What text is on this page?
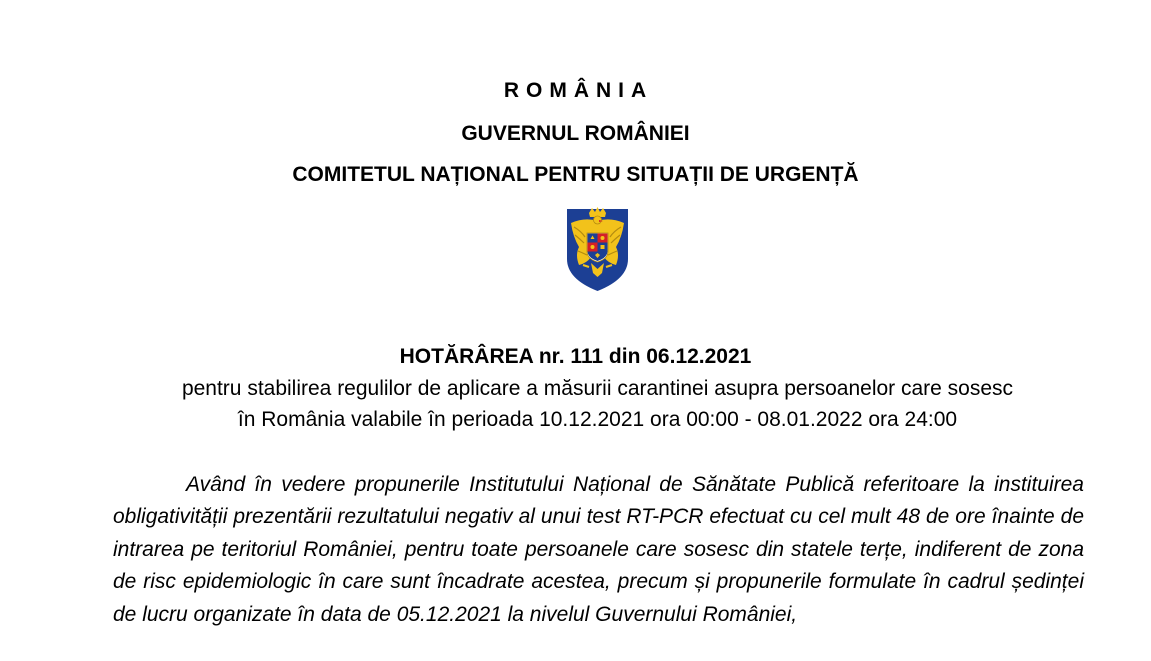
ROMÂNIA
GUVERNUL ROMÂNIEI
COMITETUL NAȚIONAL PENTRU SITUAȚII DE URGENȚĂ
HOTĂRÂREA nr. 111 din 06.12.2021
pentru stabilirea regulilor de aplicare a măsurii carantinei asupra persoanelor care sosesc
în România valabile în perioada 10.12.2021 ora 00:00 - 08.01.2022 ora 24:00

Având în vedere propunerile Institutului Național de Sănătate Publică referitoare la instituirea obligativității prezentării rezultatului negativ al unui test RT-PCR efectuat cu cel mult 48 de ore înainte de intrarea pe teritoriul României, pentru toate persoanele care sosesc din statele terțe, indiferent de zona de risc epidemiologic în care sunt încadrate acestea, precum și propunerile formulate în cadrul ședinței de lucru organizate în data de 05.12.2021 la nivelul Guvernului României,
